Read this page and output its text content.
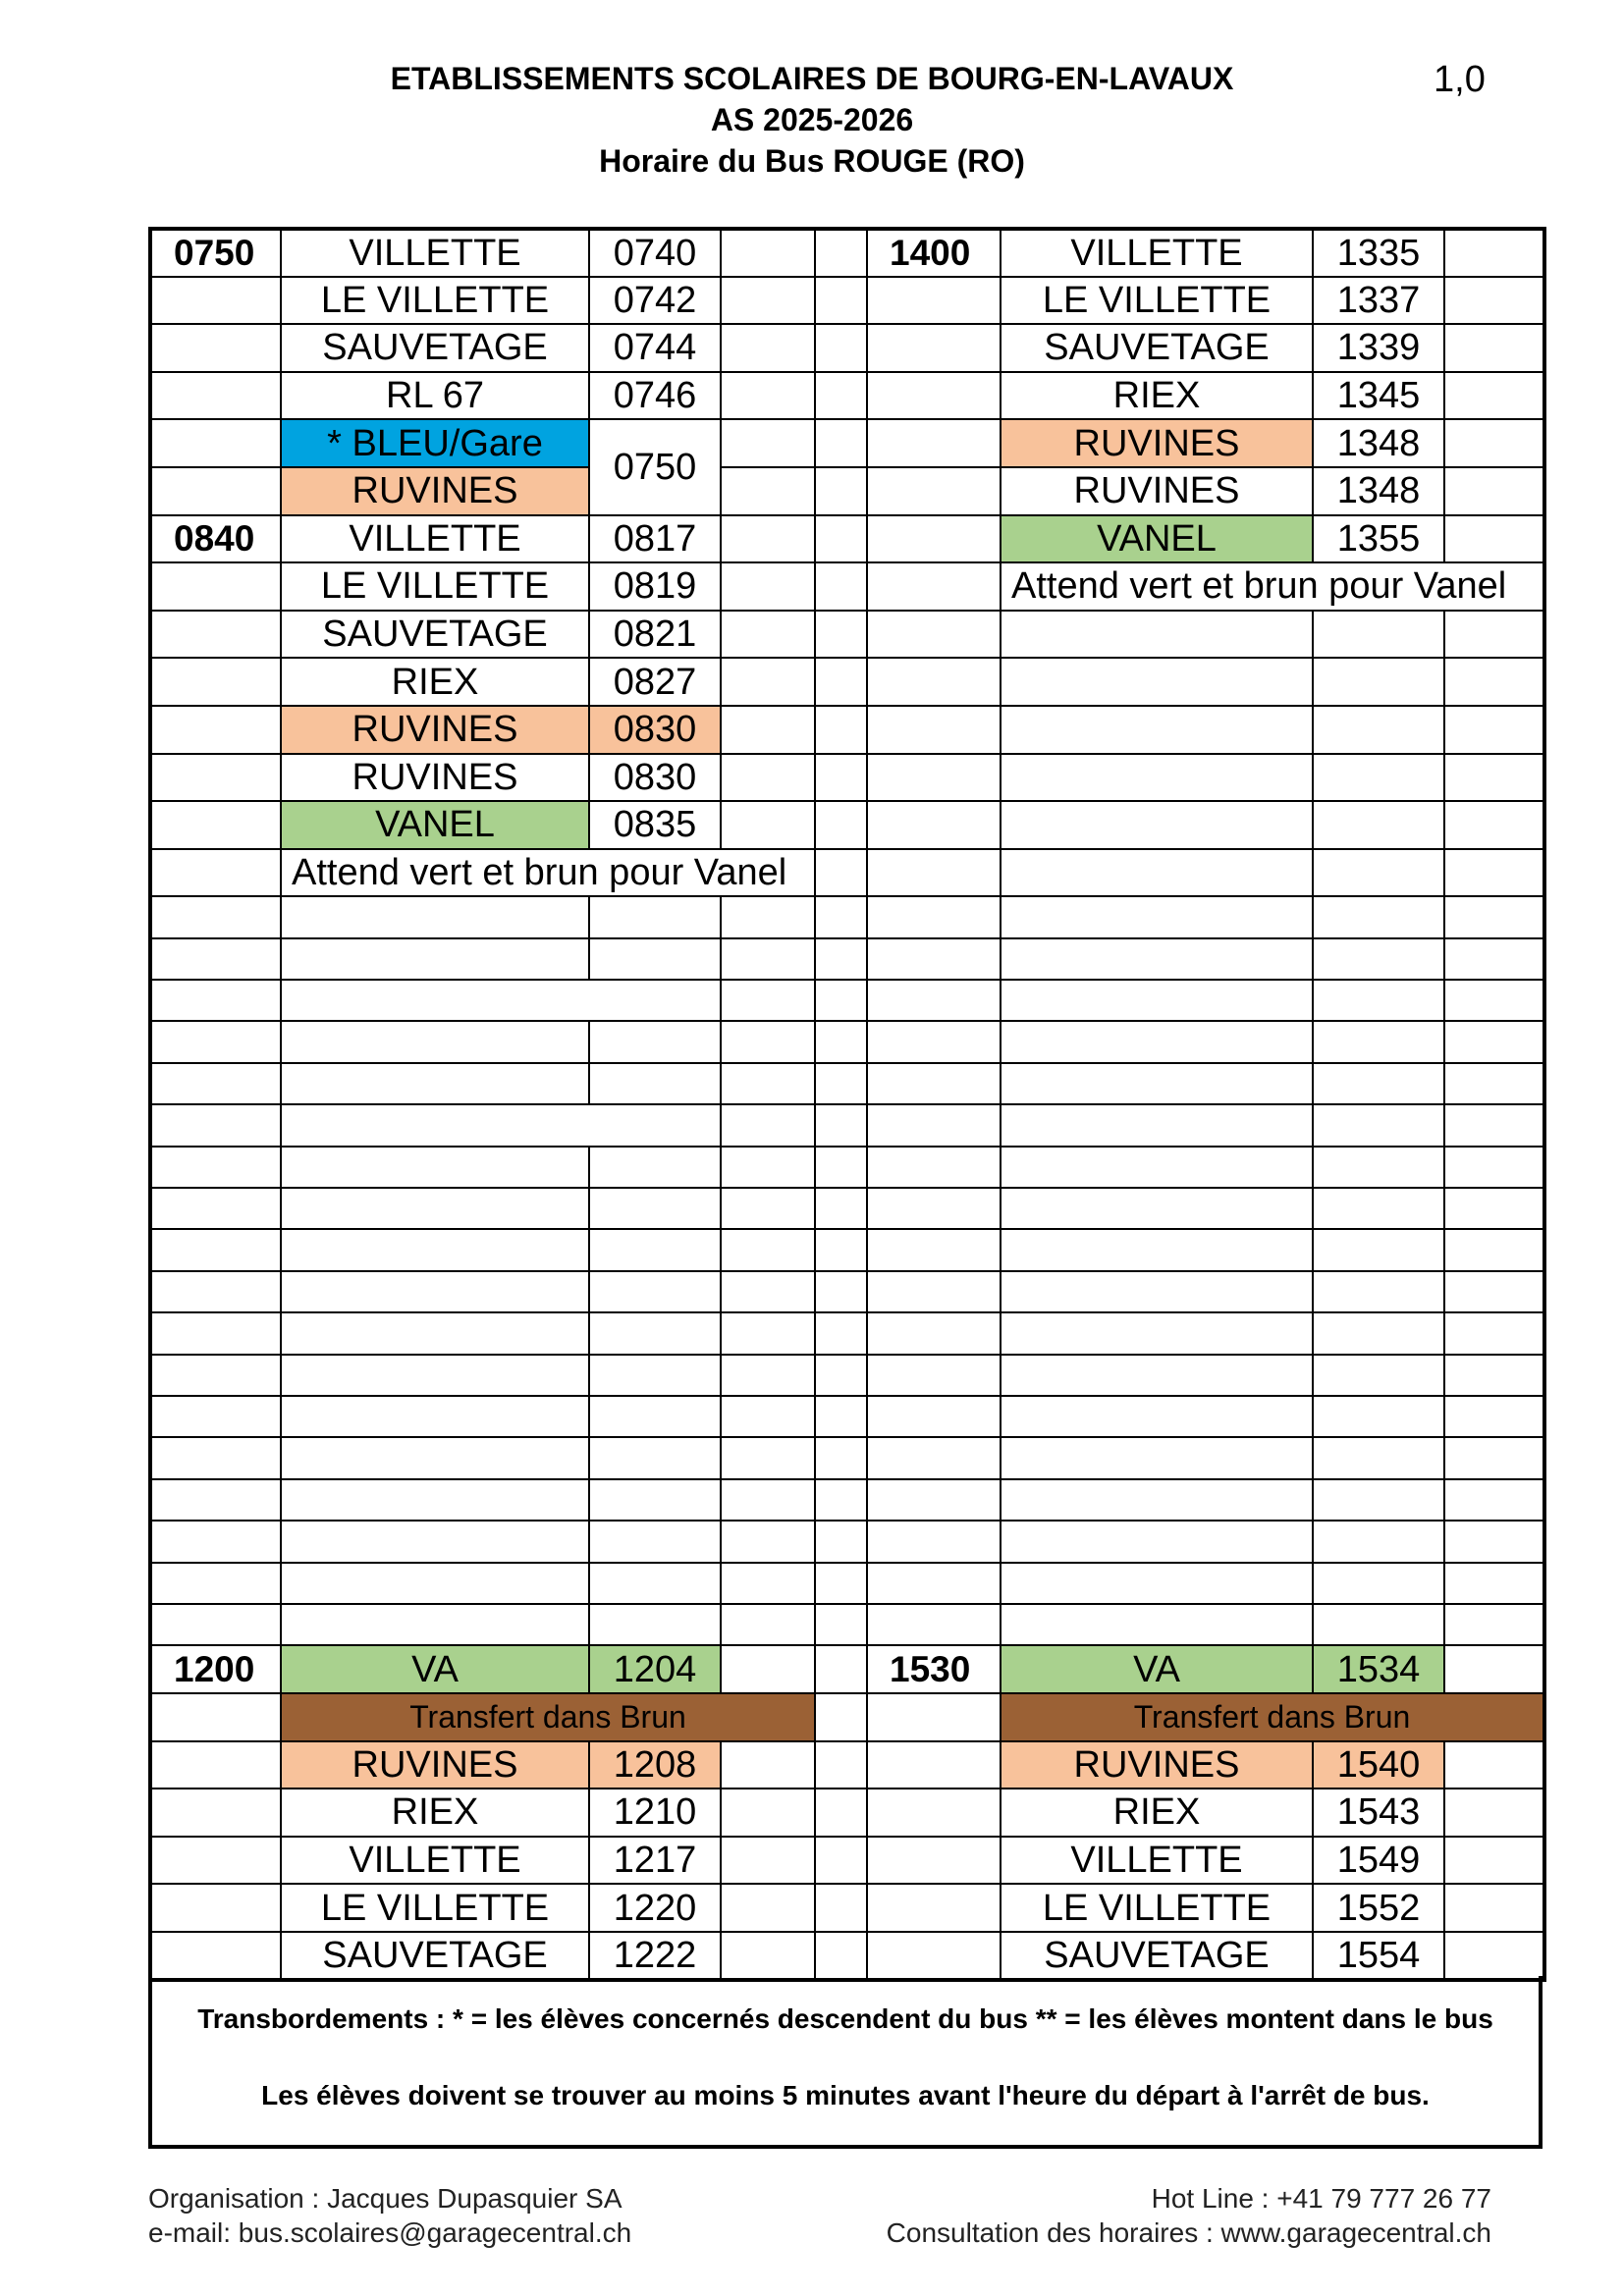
ETABLISSEMENTS SCOLAIRES DE BOURG-EN-LAVAUX
AS 2025-2026
Horaire du Bus ROUGE (RO)
1,0
0750	VILLETTE	0740			1400	VILLETTE	1335	
	LE VILLETTE	0742				LE VILLETTE	1337	
	SAUVETAGE	0744				SAUVETAGE	1339	
	RL 67	0746				RIEX	1345	
	* BLEU/Gare	0750				RUVINES	1348	
	RUVINES					RUVINES	1348	
0840	VILLETTE	0817				VANEL	1355	
	LE VILLETTE	0819				Attend vert et brun pour Vanel		
	SAUVETAGE	0821						
	RIEX	0827						
	RUVINES	0830						
	RUVINES	0830						
	VANEL	0835						
	Attend vert et brun pour Vanel							

1200	VA	1204			1530	VA	1534	
	Transfert dans Brun					Transfert dans Brun		
	RUVINES	1208				RUVINES	1540	
	RIEX	1210				RIEX	1543	
	VILLETTE	1217				VILLETTE	1549	
	LE VILLETTE	1220				LE VILLETTE	1552	
	SAUVETAGE	1222				SAUVETAGE	1554	
Transbordements : * = les élèves concernés descendent du bus ** = les élèves montent dans le bus
Les élèves doivent se trouver au moins 5 minutes avant l'heure du départ à l'arrêt de bus.
Organisation : Jacques Dupasquier SA
e-mail: bus.scolaires@garagecentral.ch
Hot Line : +41 79 777 26 77
Consultation des horaires : www.garagecentral.ch
